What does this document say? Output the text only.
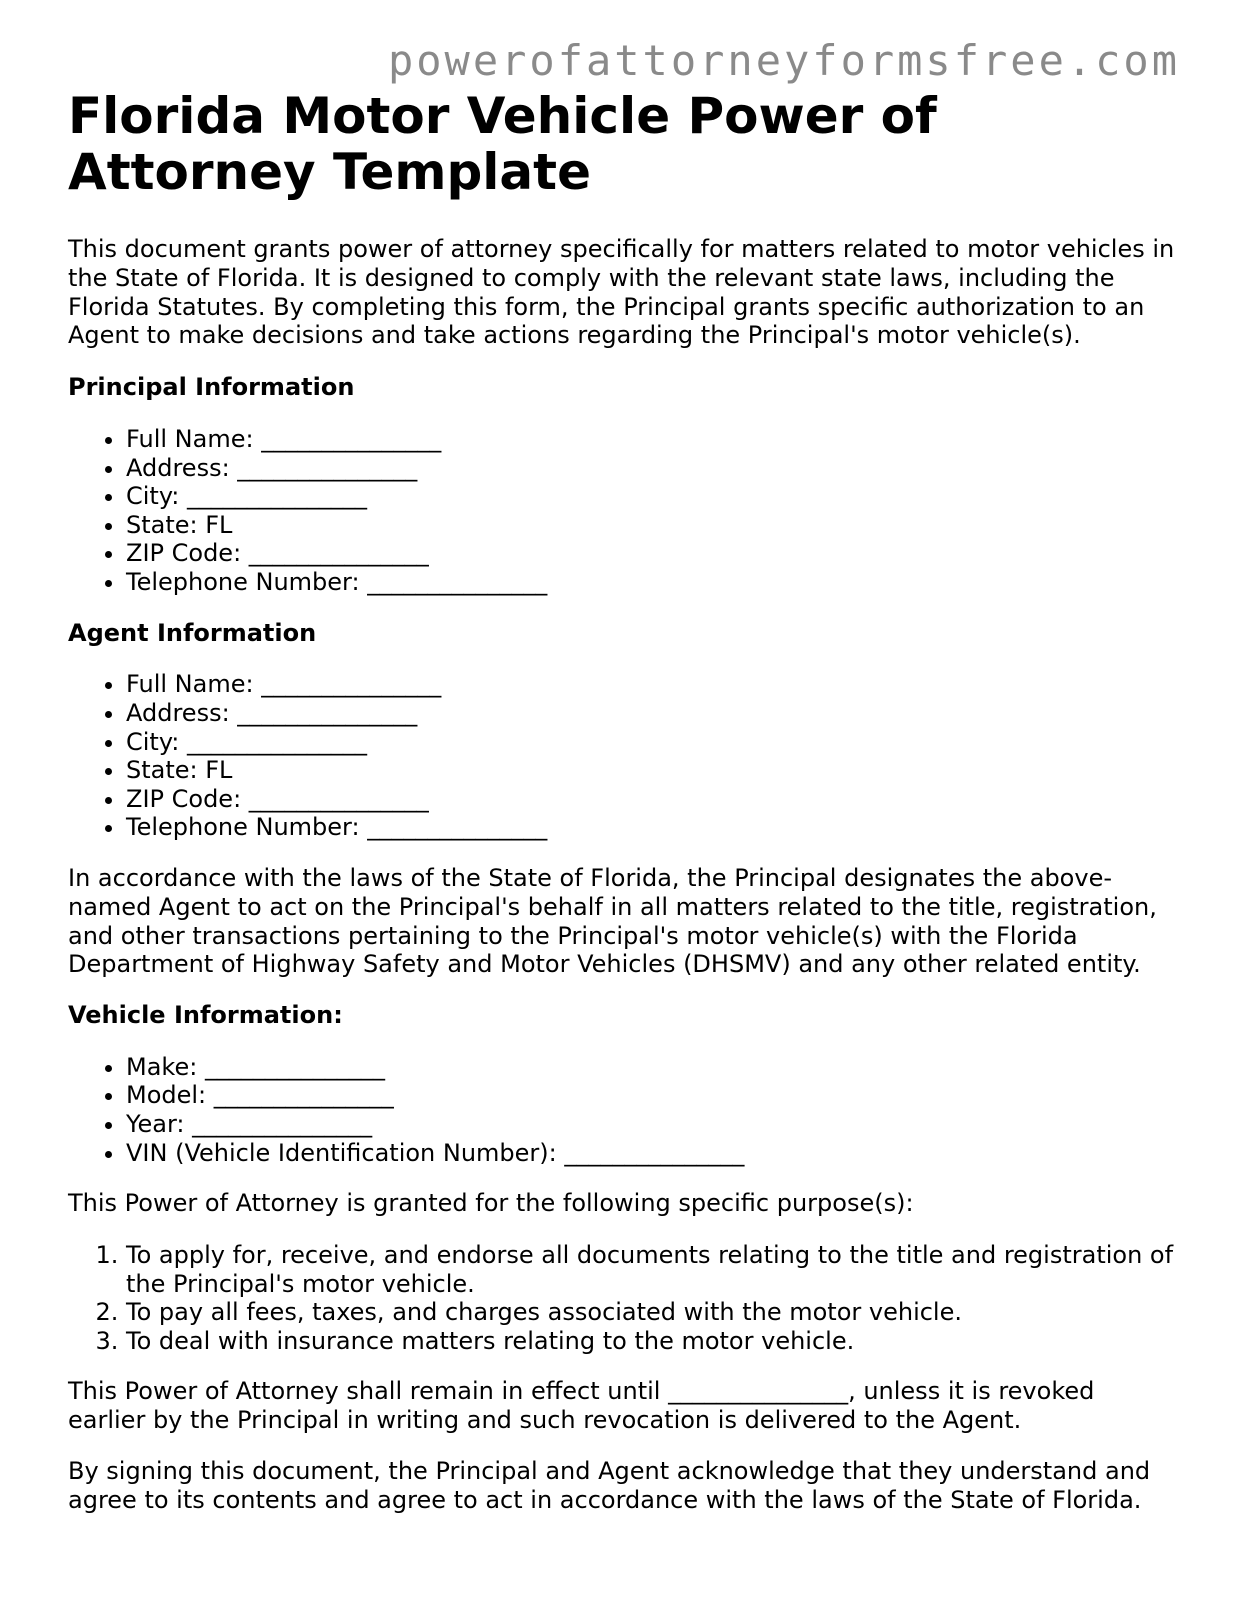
powerofattorneyformsfree.com
Florida Motor Vehicle Power of Attorney Template

This document grants power of attorney specifically for matters related to motor vehicles in the State of Florida. It is designed to comply with the relevant state laws, including the Florida Statutes. By completing this form, the Principal grants specific authorization to an Agent to make decisions and take actions regarding the Principal's motor vehicle(s).

Principal Information
• Full Name: _______________
• Address: _______________
• City: _______________
• State: FL
• ZIP Code: _______________
• Telephone Number: _______________
Agent Information
• Full Name: _______________
• Address: _______________
• City: _______________
• State: FL
• ZIP Code: _______________
• Telephone Number: _______________

In accordance with the laws of the State of Florida, the Principal designates the above-named Agent to act on the Principal's behalf in all matters related to the title, registration, and other transactions pertaining to the Principal's motor vehicle(s) with the Florida Department of Highway Safety and Motor Vehicles (DHSMV) and any other related entity.

Vehicle Information:
• Make: _______________
• Model: _______________
• Year: _______________
• VIN (Vehicle Identification Number): _______________

This Power of Attorney is granted for the following specific purpose(s):

1. To apply for, receive, and endorse all documents relating to the title and registration of the Principal's motor vehicle.
2. To pay all fees, taxes, and charges associated with the motor vehicle.
3. To deal with insurance matters relating to the motor vehicle.

This Power of Attorney shall remain in effect until _______________, unless it is revoked earlier by the Principal in writing and such revocation is delivered to the Agent.

By signing this document, the Principal and Agent acknowledge that they understand and agree to its contents and agree to act in accordance with the laws of the State of Florida.
